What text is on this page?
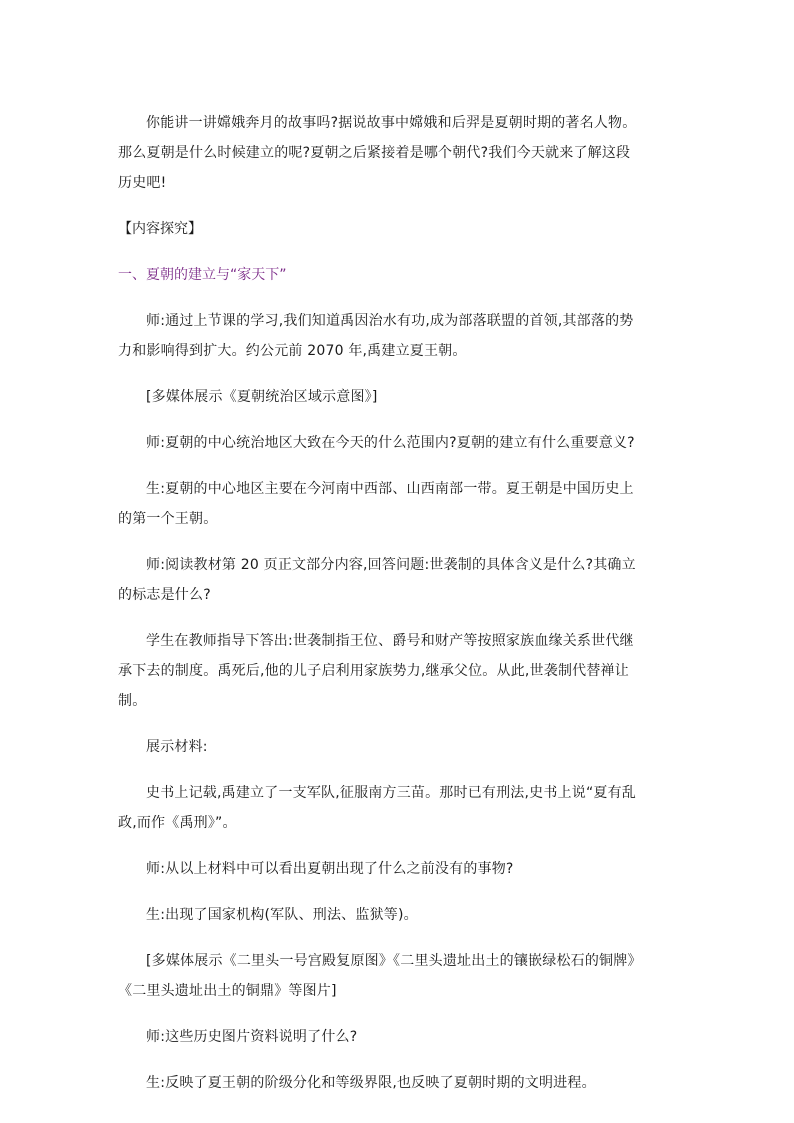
你能讲一讲嫦娥奔月的故事吗?据说故事中嫦娥和后羿是夏朝时期的著名人物。那么夏朝是什么时候建立的呢?夏朝之后紧接着是哪个朝代?我们今天就来了解这段历史吧!

【内容探究】

一、夏朝的建立与“家天下”

师:通过上节课的学习,我们知道禹因治水有功,成为部落联盟的首领,其部落的势力和影响得到扩大。约公元前 2070 年,禹建立夏王朝。

[多媒体展示《夏朝统治区域示意图》]

师:夏朝的中心统治地区大致在今天的什么范围内?夏朝的建立有什么重要意义?

生:夏朝的中心地区主要在今河南中西部、山西南部一带。夏王朝是中国历史上的第一个王朝。

师:阅读教材第 20 页正文部分内容,回答问题:世袭制的具体含义是什么?其确立的标志是什么?

学生在教师指导下答出:世袭制指王位、爵号和财产等按照家族血缘关系世代继承下去的制度。禹死后,他的儿子启利用家族势力,继承父位。从此,世袭制代替禅让制。

展示材料:

史书上记载,禹建立了一支军队,征服南方三苗。那时已有刑法,史书上说“夏有乱政,而作《禹刑》”。

师:从以上材料中可以看出夏朝出现了什么之前没有的事物?

生:出现了国家机构(军队、刑法、监狱等)。

[多媒体展示《二里头一号宫殿复原图》《二里头遗址出土的镶嵌绿松石的铜牌》《二里头遗址出土的铜鼎》等图片]

师:这些历史图片资料说明了什么?

生:反映了夏王朝的阶级分化和等级界限,也反映了夏朝时期的文明进程。
